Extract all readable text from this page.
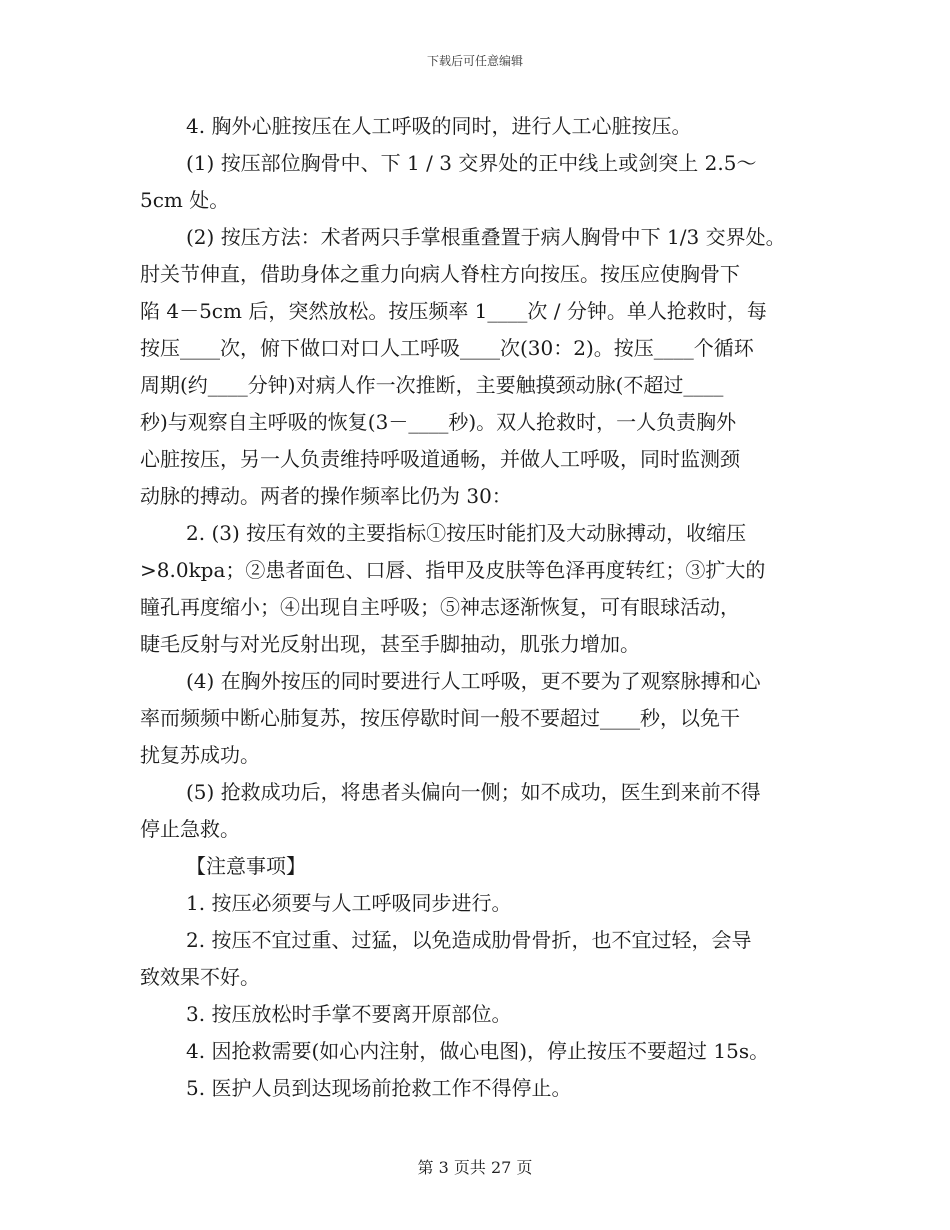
下载后可任意编辑
4. 胸外心脏按压在人工呼吸的同时，进行人工心脏按压。
(1) 按压部位胸骨中、下 1 / 3 交界处的正中线上或剑突上 2.5～
5cm 处。
(2) 按压方法：术者两只手掌根重叠置于病人胸骨中下 1/3 交界处。
肘关节伸直，借助身体之重力向病人脊柱方向按压。按压应使胸骨下
陷 4－5cm 后，突然放松。按压频率 1____次 / 分钟。单人抢救时，每
按压____次，俯下做口对口人工呼吸____次(30：2)。按压____个循环
周期(约____分钟)对病人作一次推断，主要触摸颈动脉(不超过____
秒)与观察自主呼吸的恢复(3－____秒)。双人抢救时，一人负责胸外
心脏按压，另一人负责维持呼吸道通畅，并做人工呼吸，同时监测颈
动脉的搏动。两者的操作频率比仍为 30：
2. (3) 按压有效的主要指标①按压时能扪及大动脉搏动，收缩压
>8.0kpa；②患者面色、口唇、指甲及皮肤等色泽再度转红；③扩大的
瞳孔再度缩小；④出现自主呼吸；⑤神志逐渐恢复，可有眼球活动，
睫毛反射与对光反射出现，甚至手脚抽动，肌张力增加。
(4) 在胸外按压的同时要进行人工呼吸，更不要为了观察脉搏和心
率而频频中断心肺复苏，按压停歇时间一般不要超过____秒，以免干
扰复苏成功。
(5) 抢救成功后，将患者头偏向一侧；如不成功，医生到来前不得
停止急救。
【注意事项】
1. 按压必须要与人工呼吸同步进行。
2. 按压不宜过重、过猛，以免造成肋骨骨折，也不宜过轻，会导
致效果不好。
3. 按压放松时手掌不要离开原部位。
4. 因抢救需要(如心内注射，做心电图)，停止按压不要超过 15s。
5. 医护人员到达现场前抢救工作不得停止。
第 3 页共 27 页
